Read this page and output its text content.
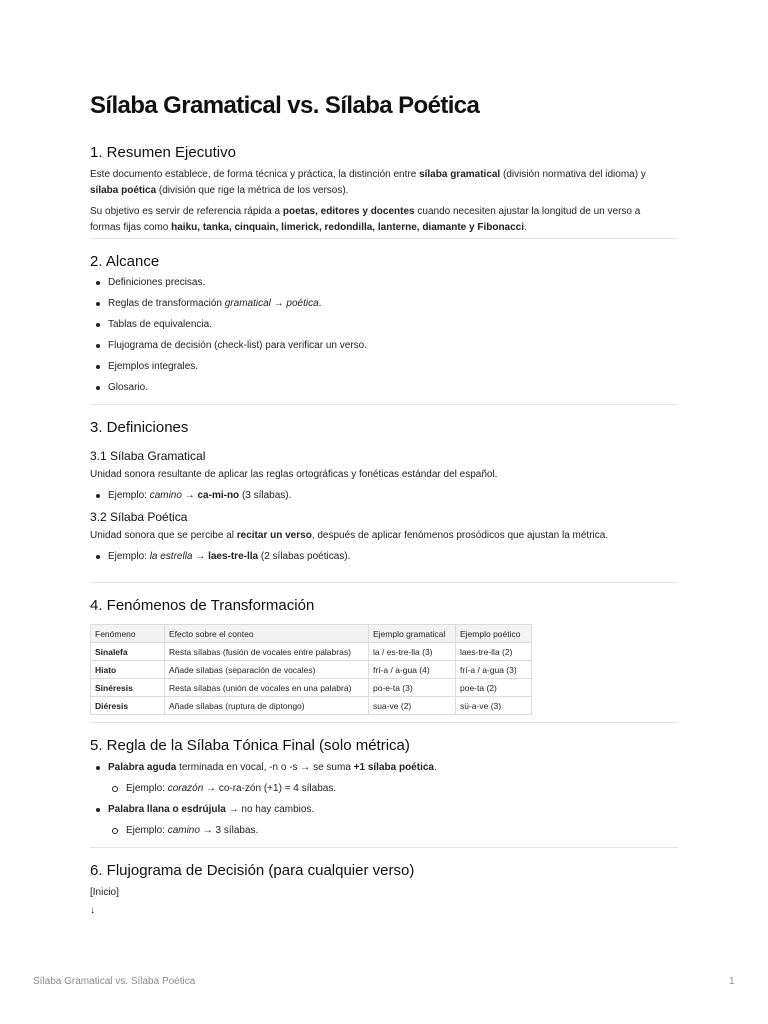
Sílaba Gramatical vs. Sílaba Poética
1. Resumen Ejecutivo

Este documento establece, de forma técnica y práctica, la distinción entre sílaba gramatical (división normativa del idioma) y
sílaba poética (división que rige la métrica de los versos).

Su objetivo es servir de referencia rápida a poetas, editores y docentes cuando necesiten ajustar la longitud de un verso a
formas fijas como haiku, tanka, cinquain, limerick, redondilla, lanterne, diamante y Fibonacci.

2. Alcance
Definiciones precisas.
Reglas de transformación gramatical → poética.
Tablas de equivalencia.
Flujograma de decisión (check-list) para verificar un verso.
Ejemplos integrales.
Glosario.
3. Definiciones
3.1 Sílaba Gramatical

Unidad sonora resultante de aplicar las reglas ortográficas y fonéticas estándar del español.

Ejemplo: camino → ca-mi-no (3 sílabas).
3.2 Sílaba Poética

Unidad sonora que se percibe al recitar un verso, después de aplicar fenómenos prosódicos que ajustan la métrica.

Ejemplo: la estrella → laes-tre-lla (2 sílabas poéticas).
4. Fenómenos de Transformación
Fenómeno	Efecto sobre el conteo	Ejemplo gramatical	Ejemplo poético
Sinalefa	Resta sílabas (fusión de vocales entre palabras)	la / es-tre-lla (3)	laes-tre-lla (2)
Hiato	Añade sílabas (separación de vocales)	frí-a / a-gua (4)	frí-a / a-gua (3)
Sinéresis	Resta sílabas (unión de vocales en una palabra)	po-e-ta (3)	poe-ta (2)
Diéresis	Añade sílabas (ruptura de diptongo)	sua-ve (2)	sü-a-ve (3)
5. Regla de la Sílaba Tónica Final (solo métrica)
Palabra aguda terminada en vocal, -n o -s → se suma +1 sílaba poética.
Ejemplo: corazón → co-ra-zón (+1) = 4 sílabas.
Palabra llana o esdrújula → no hay cambios.
Ejemplo: camino → 3 sílabas.
6. Flujograma de Decisión (para cualquier verso)

[Inicio]

↓

Sílaba Gramatical vs. Sílaba Poética	1
